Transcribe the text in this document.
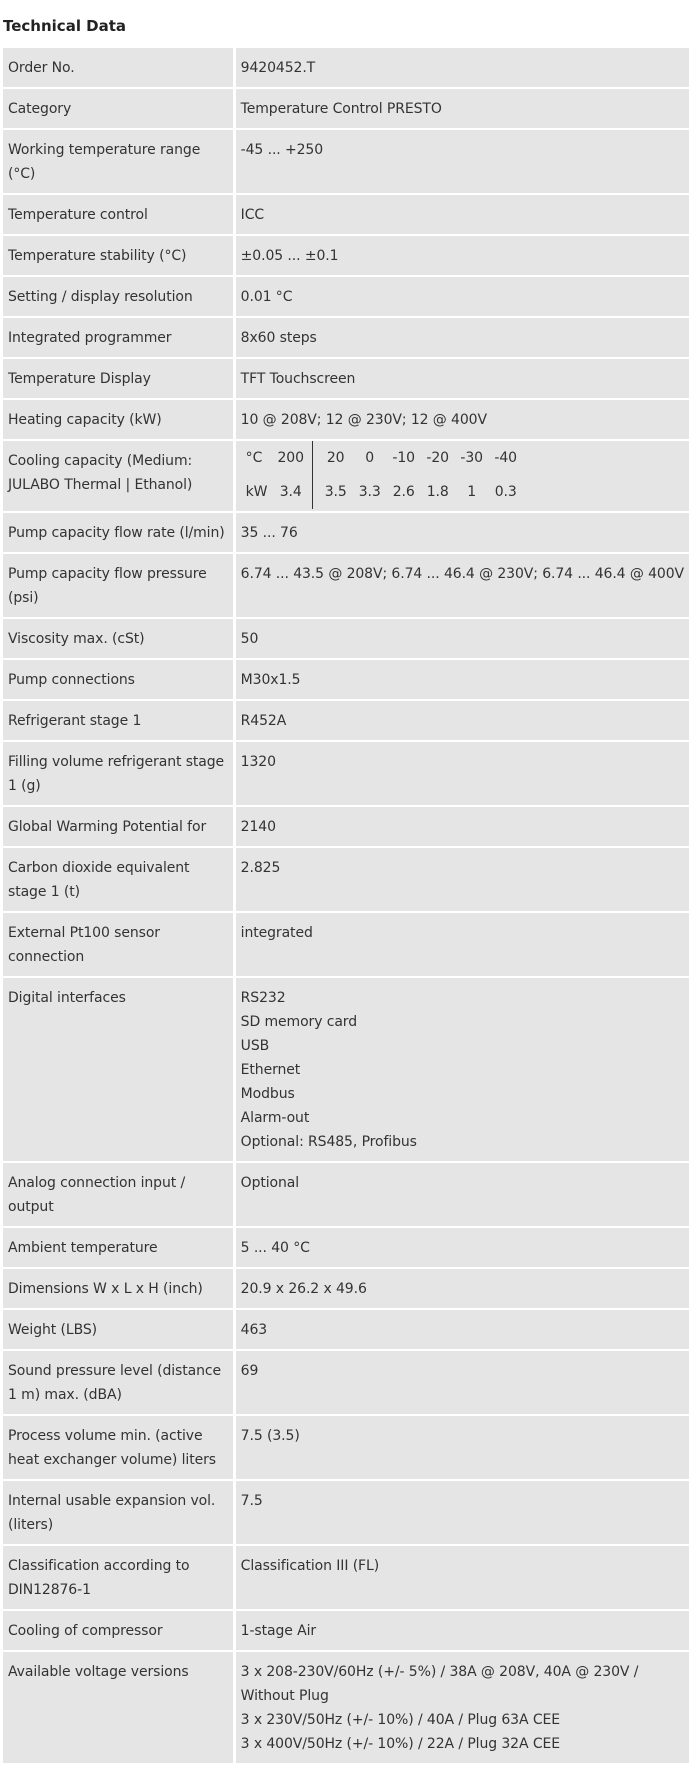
Technical Data
Order No.	9420452.T
Category	Temperature Control PRESTO
Working temperature range (°C)	-45 ... +250
Temperature control	ICC
Temperature stability (°C)	±0.05 ... ±0.1
Setting / display resolution	0.01 °C
Integrated programmer	8x60 steps
Temperature Display	TFT Touchscreen
Heating capacity (kW)	10 @ 208V; 12 @ 230V; 12 @ 400V
Cooling capacity (Medium: JULABO Thermal | Ethanol)	
°C	200	20	0	-10	-20	-30	-40
kW	3.4	3.5	3.3	2.6	1.8	1	0.3

Pump capacity flow rate (l/min)	35 ... 76
Pump capacity flow pressure (psi)	6.74 ... 43.5 @ 208V; 6.74 ... 46.4 @ 230V; 6.74 ... 46.4 @ 400V
Viscosity max. (cSt)	50
Pump connections	M30x1.5
Refrigerant stage 1	R452A
Filling volume refrigerant stage 1 (g)	1320
Global Warming Potential for	2140
Carbon dioxide equivalent stage 1 (t)	2.825
External Pt100 sensor connection	integrated
Digital interfaces	RS232
SD memory card
USB
Ethernet
Modbus
Alarm-out
Optional: RS485, Profibus

Analog connection input / output	Optional
Ambient temperature	5 ... 40 °C
Dimensions W x L x H (inch)	20.9 x 26.2 x 49.6
Weight (LBS)	463
Sound pressure level (distance 1 m) max. (dBA)	69
Process volume min. (active heat exchanger volume) liters	7.5 (3.5)
Internal usable expansion vol. (liters)	7.5
Classification according to DIN12876-1	Classification III (FL)
Cooling of compressor	1-stage Air
Available voltage versions	3 x 208-230V/60Hz (+/- 5%) / 38A @ 208V, 40A @ 230V / Without Plug
3 x 230V/50Hz (+/- 10%) / 40A / Plug 63A CEE
3 x 400V/50Hz (+/- 10%) / 22A / Plug 32A CEE
